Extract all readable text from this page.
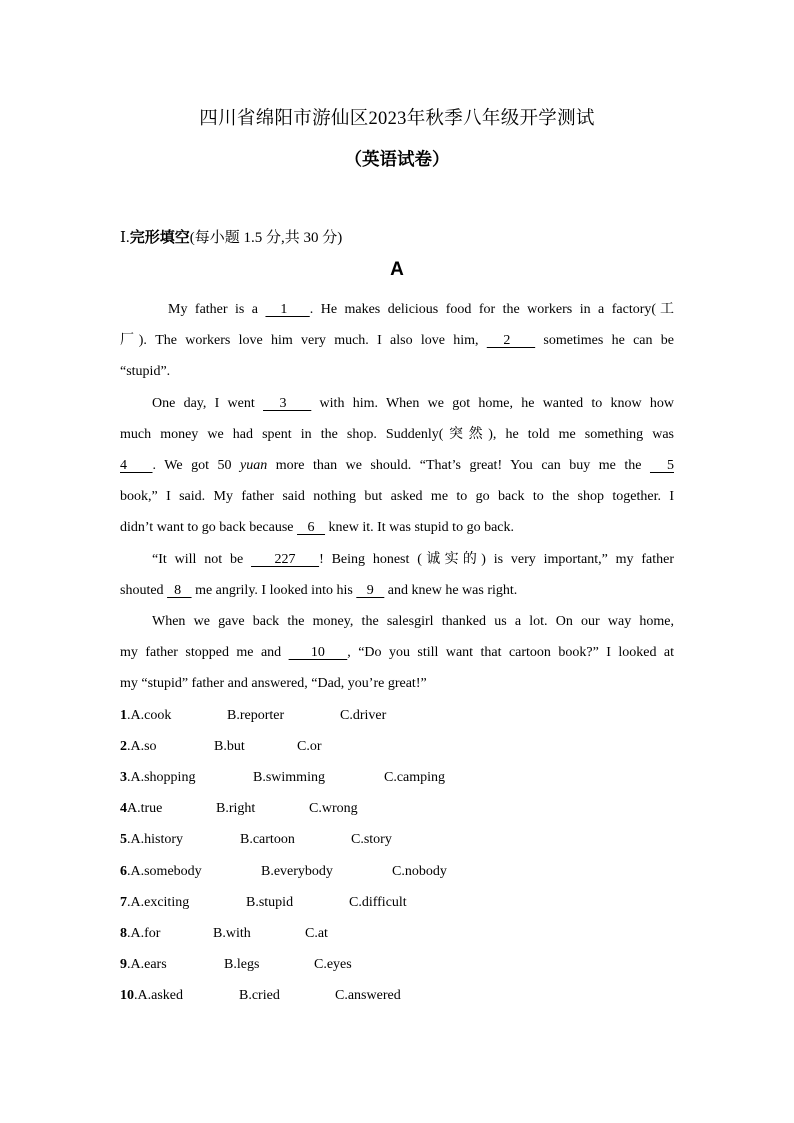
四川省绵阳市游仙区2023年秋季八年级开学测试
（英语试卷）
Ⅰ.完形填空(每小题 1.5 分,共 30 分)
A
My father is a   1   . He makes delicious food for the workers in a factory(工
厂). The workers love him very much. I also love him,   2    sometimes he can be
“stupid”.
One day, I went   3    with him. When we got home, he wanted to know how
much money we had spent in the shop. Suddenly(突然), he told me something was
4   . We got 50 yuan more than we should. “That’s great! You can buy me the   5
book,” I said. My father said nothing but asked me to go back to the shop together. I
didn’t want to go back because    6    knew it. It was stupid to go back.
“It will not be    227   ! Being honest (诚实的) is very important,” my father
shouted   8    me angrily. I looked into his    9    and knew he was right.
When we gave back the money, the salesgirl thanked us a lot. On our way home,
my father stopped me and    10   , “Do you still want that cartoon book?” I looked at
my “stupid” father and answered, “Dad, you’re great!”
1.A.cook	B.reporter	C.driver
2.A.so	B.but	C.or
3.A.shopping	B.swimming	C.camping
4A.true	B.right	C.wrong
5.A.history	B.cartoon	C.story
6.A.somebody	B.everybody	C.nobody
7.A.exciting	B.stupid	C.difficult
8.A.for	B.with	C.at
9.A.ears	B.legs	C.eyes
10.A.asked	B.cried	C.answered
